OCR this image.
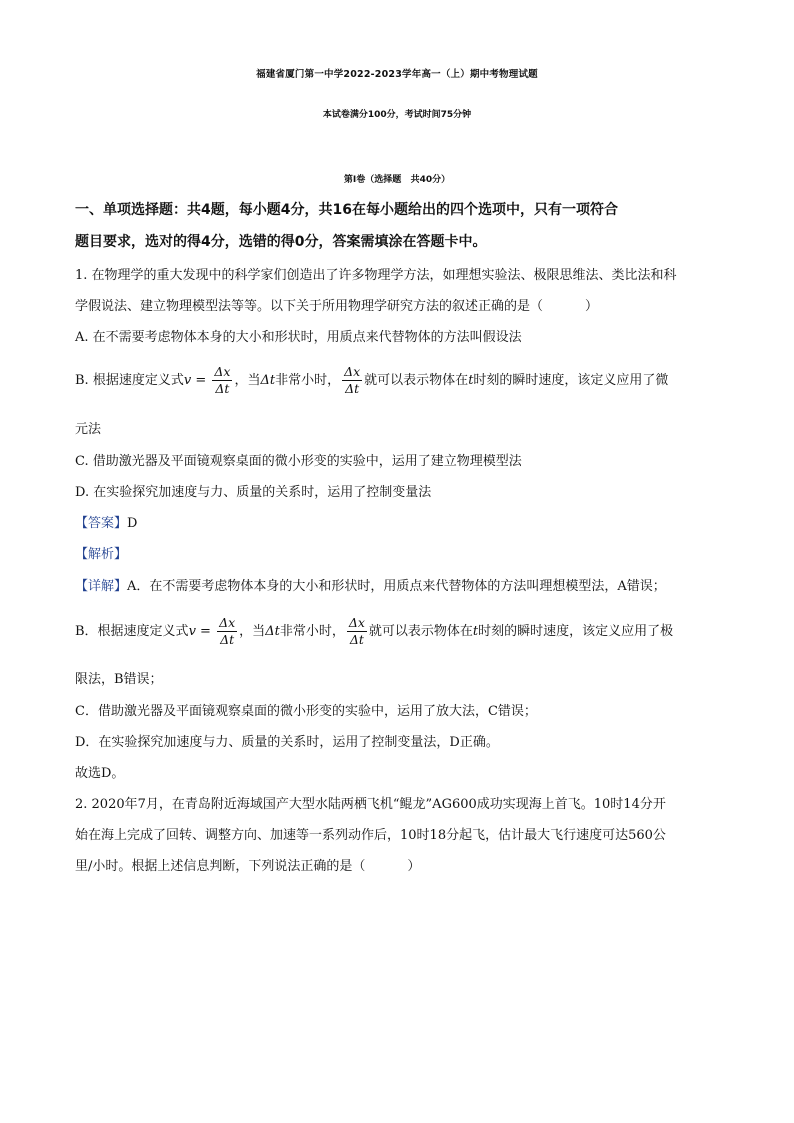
福建省厦门第一中学2022-2023学年高一（上）期中考物理试题
本试卷满分100分，考试时间75分钟
第Ⅰ卷（选择题   共40分）
一、单项选择题：共4题，每小题4分，共16在每小题给出的四个选项中，只有一项符合
题目要求，选对的得4分，选错的得0分，答案需填涂在答题卡中。
1. 在物理学的重大发现中的科学家们创造出了许多物理学方法，如理想实验法、极限思维法、类比法和科
学假说法、建立物理模型法等等。以下关于所用物理学研究方法的叙述正确的是（	）
A. 在不需要考虑物体本身的大小和形状时，用质点来代替物体的方法叫假设法
B. 根据速度定义式$v = \frac{\Delta x}{\Delta t}$ ，当Δt非常小时， $\frac{\Delta x}{\Delta t}$ 就可以表示物体在t时刻的瞬时速度，该定义应用了微
元法
C. 借助激光器及平面镜观察桌面的微小形变的实验中，运用了建立物理模型法
D. 在实验探究加速度与力、质量的关系时，运用了控制变量法
【答案】D
【解析】
【详解】A．在不需要考虑物体本身的大小和形状时，用质点来代替物体的方法叫理想模型法，A错误；
B．根据速度定义式$v = \frac{\Delta x}{\Delta t}$ ，当Δt非常小时， $\frac{\Delta x}{\Delta t}$ 就可以表示物体在t时刻的瞬时速度，该定义应用了极
限法，B错误；
C．借助激光器及平面镜观察桌面的微小形变的实验中，运用了放大法，C错误；
D．在实验探究加速度与力、质量的关系时，运用了控制变量法，D正确。
故选D。
2. 2020年7月，在青岛附近海域国产大型水陆两栖飞机“鲲龙”AG600成功实现海上首飞。10时14分开
始在海上完成了回转、调整方向、加速等一系列动作后，10时18分起飞，估计最大飞行速度可达560公
里/小时。根据上述信息判断，下列说法正确的是（	）
